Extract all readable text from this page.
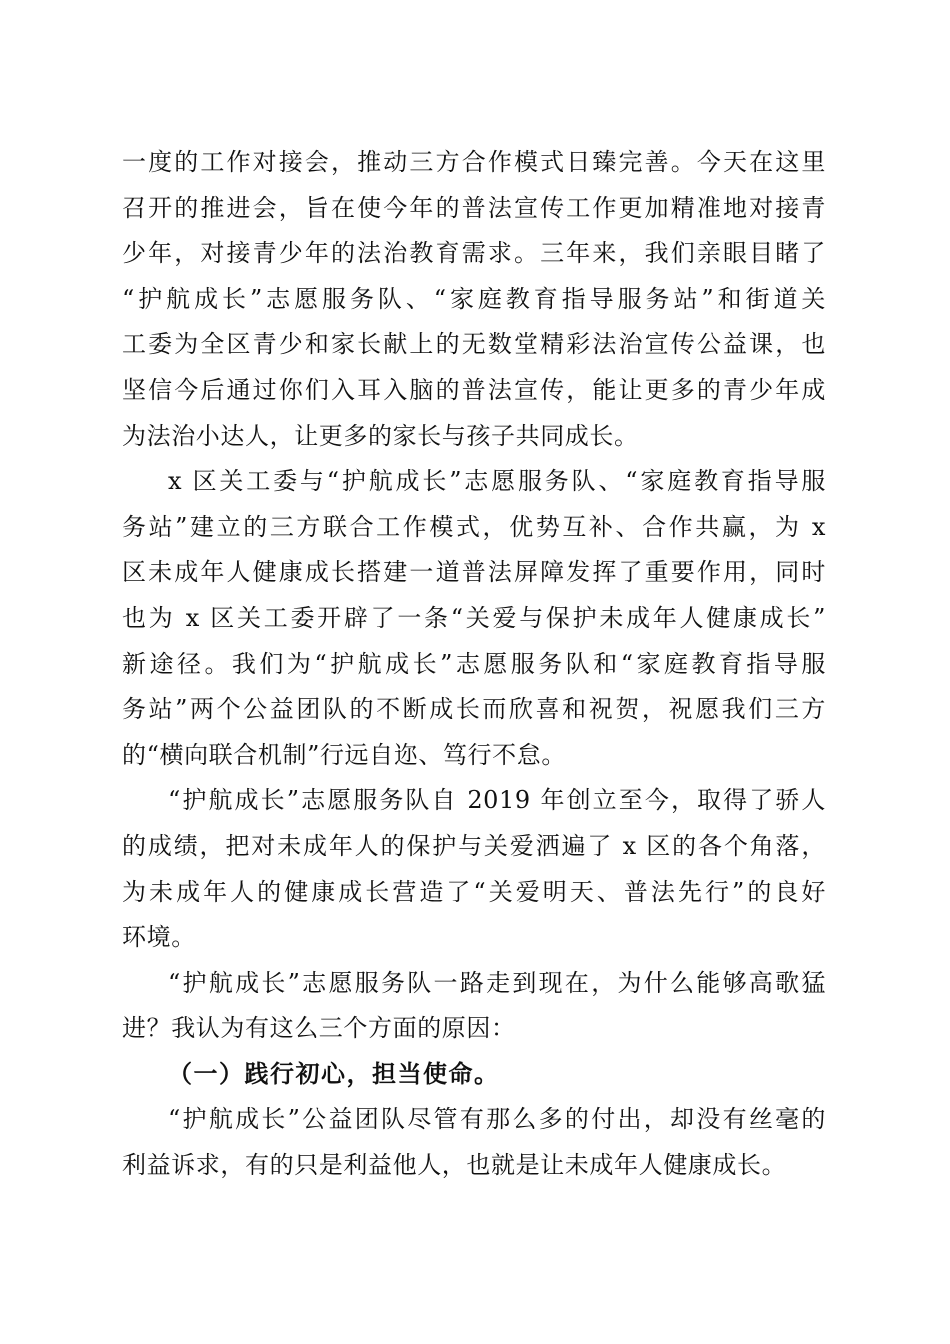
一度的工作对接会，推动三方合作模式日臻完善。今天在这里
召开的推进会，旨在使今年的普法宣传工作更加精准地对接青
少年，对接青少年的法治教育需求。三年来，我们亲眼目睹了
“护航成长”志愿服务队、“家庭教育指导服务站”和街道关
工委为全区青少和家长献上的无数堂精彩法治宣传公益课，也
坚信今后通过你们入耳入脑的普法宣传，能让更多的青少年成
为法治小达人，让更多的家长与孩子共同成长。

x 区关工委与“护航成长”志愿服务队、“家庭教育指导服
务站”建立的三方联合工作模式，优势互补、合作共赢，为 x
区未成年人健康成长搭建一道普法屏障发挥了重要作用，同时
也为 x 区关工委开辟了一条“关爱与保护未成年人健康成长”
新途径。我们为“护航成长”志愿服务队和“家庭教育指导服
务站”两个公益团队的不断成长而欣喜和祝贺，祝愿我们三方
的“横向联合机制”行远自迩、笃行不怠。

“护航成长”志愿服务队自 2019 年创立至今，取得了骄人
的成绩，把对未成年人的保护与关爱洒遍了 x 区的各个角落，
为未成年人的健康成长营造了“关爱明天、普法先行”的良好
环境。

“护航成长”志愿服务队一路走到现在，为什么能够高歌猛
进？我认为有这么三个方面的原因：

（一）践行初心，担当使命。

“护航成长”公益团队尽管有那么多的付出，却没有丝毫的
利益诉求，有的只是利益他人，也就是让未成年人健康成长。
